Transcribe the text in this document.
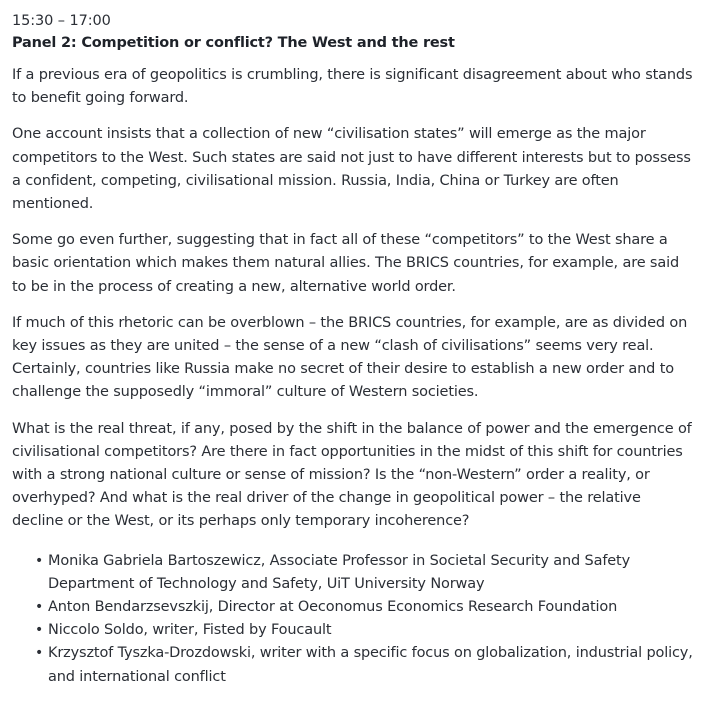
15:30 – 17:00

Panel 2: Competition or conflict? The West and the rest

If a previous era of geopolitics is crumbling, there is significant disagreement about who stands to benefit going forward.

One account insists that a collection of new “civilisation states” will emerge as the major competitors to the West. Such states are said not just to have different interests but to possess a confident, competing, civilisational mission. Russia, India, China or Turkey are often mentioned.

Some go even further, suggesting that in fact all of these “competitors” to the West share a basic orientation which makes them natural allies. The BRICS countries, for example, are said to be in the process of creating a new, alternative world order.

If much of this rhetoric can be overblown – the BRICS countries, for example, are as divided on key issues as they are united – the sense of a new “clash of civilisations” seems very real. Certainly, countries like Russia make no secret of their desire to establish a new order and to challenge the supposedly “immoral” culture of Western societies.

What is the real threat, if any, posed by the shift in the balance of power and the emergence of civilisational competitors? Are there in fact opportunities in the midst of this shift for countries with a strong national culture or sense of mission? Is the “non-Western” order a reality, or overhyped? And what is the real driver of the change in geopolitical power – the relative decline or the West, or its perhaps only temporary incoherence?

• Monika Gabriela Bartoszewicz, Associate Professor in Societal Security and Safety Department of Technology and Safety, UiT University Norway
• Anton Bendarzsevszkij, Director at Oeconomus Economics Research Foundation
• Niccolo Soldo, writer, Fisted by Foucault
• Krzysztof Tyszka-Drozdowski, writer with a specific focus on globalization, industrial policy, and international conflict
